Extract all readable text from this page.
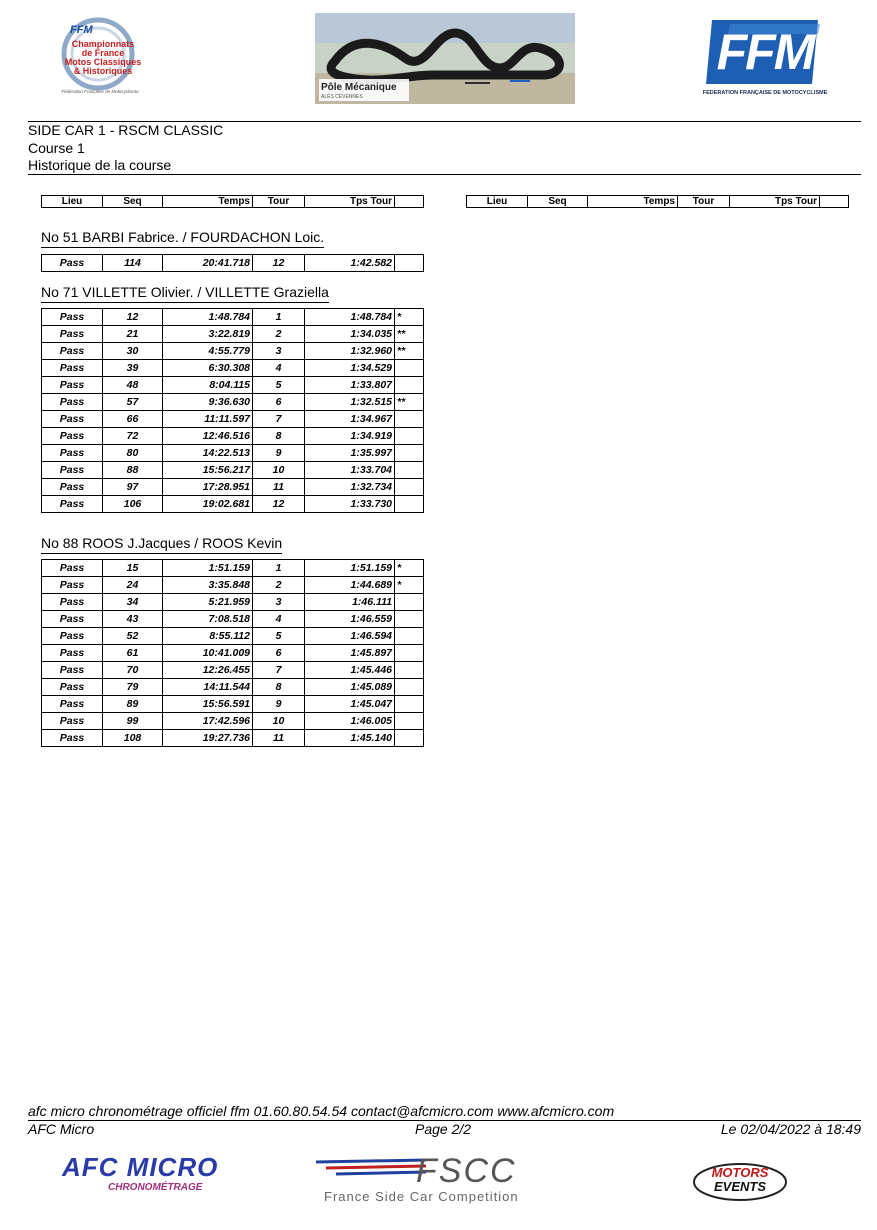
FFM
Championnats
de France
Motos Classiques
& Historiques
Fédération Française de Motocyclisme	Pôle Mécanique
ALÈS CÉVENNES
FFM
FEDERATION FRANÇAISE DE MOTOCYCLISME
SIDE CAR 1 - RSCM CLASSIC
Course 1
Historique de la course
Lieu	Seq	Temps	Tour	Tps Tour		Lieu	Seq	Temps	Tour	Tps Tour	
No 51 BARBI Fabrice. / FOURDACHON Loic.
Pass	114	20:41.718	12	1:42.582	
No 71 VILLETTE Olivier. / VILLETTE Graziella
Pass	12	1:48.784	1	1:48.784	*
Pass	21	3:22.819	2	1:34.035	**
Pass	30	4:55.779	3	1:32.960	**
Pass	39	6:30.308	4	1:34.529	
Pass	48	8:04.115	5	1:33.807	
Pass	57	9:36.630	6	1:32.515	**
Pass	66	11:11.597	7	1:34.967	
Pass	72	12:46.516	8	1:34.919	
Pass	80	14:22.513	9	1:35.997	
Pass	88	15:56.217	10	1:33.704	
Pass	97	17:28.951	11	1:32.734	
Pass	106	19:02.681	12	1:33.730	
No 88 ROOS J.Jacques / ROOS Kevin
Pass	15	1:51.159	1	1:51.159	*
Pass	24	3:35.848	2	1:44.689	*
Pass	34	5:21.959	3	1:46.111	
Pass	43	7:08.518	4	1:46.559	
Pass	52	8:55.112	5	1:46.594	
Pass	61	10:41.009	6	1:45.897	
Pass	70	12:26.455	7	1:45.446	
Pass	79	14:11.544	8	1:45.089	
Pass	89	15:56.591	9	1:45.047	
Pass	99	17:42.596	10	1:46.005	
Pass	108	19:27.736	11	1:45.140	
afc micro chronométrage officiel ffm 01.60.80.54.54 contact@afcmicro.com www.afcmicro.com
AFC Micro	Page 2/2	Le 02/04/2022 à 18:49
AFC MICRO
CHRONOMÉTRAGE	FSCC
France Side Car Competition
MOTORS
EVENTS
